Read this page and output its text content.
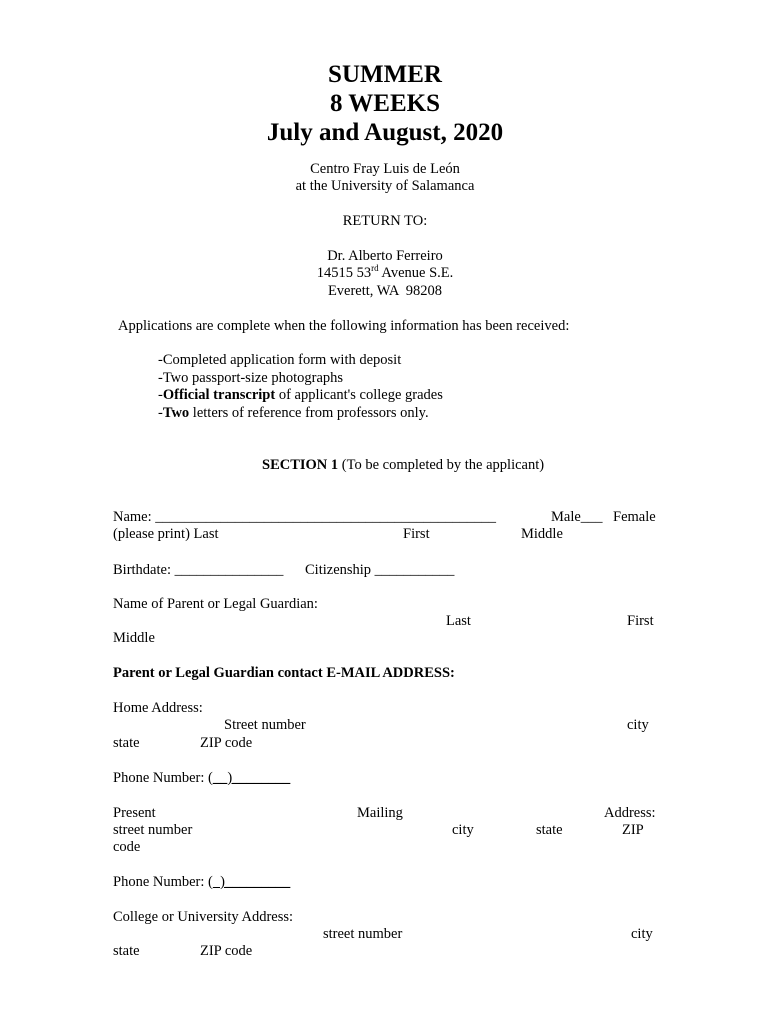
SUMMER
8 WEEKS
July and August, 2020
Centro Fray Luis de León
at the University of Salamanca
RETURN TO:
Dr. Alberto Ferreiro
14515 53rd Avenue S.E.
Everett, WA  98208
Applications are complete when the following information has been received:
-Completed application form with deposit
-Two passport-size photographs
-Official transcript of applicant's college grades
-Two letters of reference from professors only.
SECTION 1 (To be completed by the applicant)
Name: _______________________________________________	Male___ Female
(please print) Last	First	Middle
Birthdate: _______________ Citizenship ___________
Name of Parent or Legal Guardian:
Last	First
Middle
Parent or Legal Guardian contact E-MAIL ADDRESS:
Home Address:
Street number	city
state	ZIP code
Phone Number: (__)________
Present	Mailing	Address:
street number	city	state	ZIP
code
Phone Number: (  )_________
College or University Address:
street number	city
state	ZIP code
